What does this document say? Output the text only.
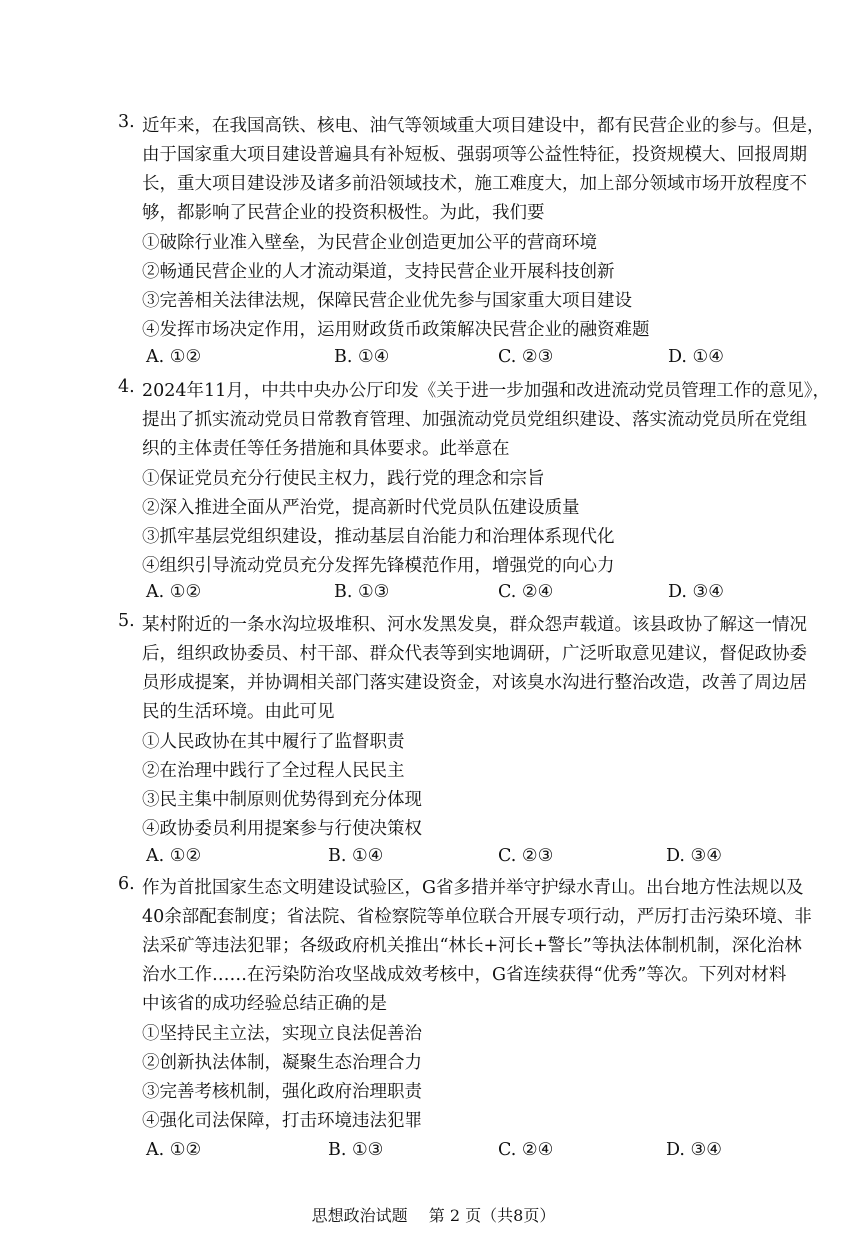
3. 近年来，在我国高铁、核电、油气等领域重大项目建设中，都有民营企业的参与。但是，
由于国家重大项目建设普遍具有补短板、强弱项等公益性特征，投资规模大、回报周期
长，重大项目建设涉及诸多前沿领域技术，施工难度大，加上部分领域市场开放程度不
够，都影响了民营企业的投资积极性。为此，我们要
①破除行业准入壁垒，为民营企业创造更加公平的营商环境
②畅通民营企业的人才流动渠道，支持民营企业开展科技创新
③完善相关法律法规，保障民营企业优先参与国家重大项目建设
④发挥市场决定作用，运用财政货币政策解决民营企业的融资难题
A. ①②	B. ①④	C. ②③	D. ①④
4. 2024年11月，中共中央办公厅印发《关于进一步加强和改进流动党员管理工作的意见》，
提出了抓实流动党员日常教育管理、加强流动党员党组织建设、落实流动党员所在党组
织的主体责任等任务措施和具体要求。此举意在
①保证党员充分行使民主权力，践行党的理念和宗旨
②深入推进全面从严治党，提高新时代党员队伍建设质量
③抓牢基层党组织建设，推动基层自治能力和治理体系现代化
④组织引导流动党员充分发挥先锋模范作用，增强党的向心力
A. ①②	B. ①③	C. ②④	D. ③④
5. 某村附近的一条水沟垃圾堆积、河水发黑发臭，群众怨声载道。该县政协了解这一情况
后，组织政协委员、村干部、群众代表等到实地调研，广泛听取意见建议，督促政协委
员形成提案，并协调相关部门落实建设资金，对该臭水沟进行整治改造，改善了周边居
民的生活环境。由此可见
①人民政协在其中履行了监督职责
②在治理中践行了全过程人民民主
③民主集中制原则优势得到充分体现
④政协委员利用提案参与行使决策权
A. ①②	B. ①④	C. ②③	D. ③④
6. 作为首批国家生态文明建设试验区，G省多措并举守护绿水青山。出台地方性法规以及
40余部配套制度；省法院、省检察院等单位联合开展专项行动，严厉打击污染环境、非
法采矿等违法犯罪；各级政府机关推出“林长+河长+警长”等执法体制机制，深化治林
治水工作……在污染防治攻坚战成效考核中，G省连续获得“优秀”等次。下列对材料
中该省的成功经验总结正确的是
①坚持民主立法，实现立良法促善治
②创新执法体制，凝聚生态治理合力
③完善考核机制，强化政府治理职责
④强化司法保障，打击环境违法犯罪
A. ①②	B. ①③	C. ②④	D. ③④
思想政治试题 第 2 页（共8页）
